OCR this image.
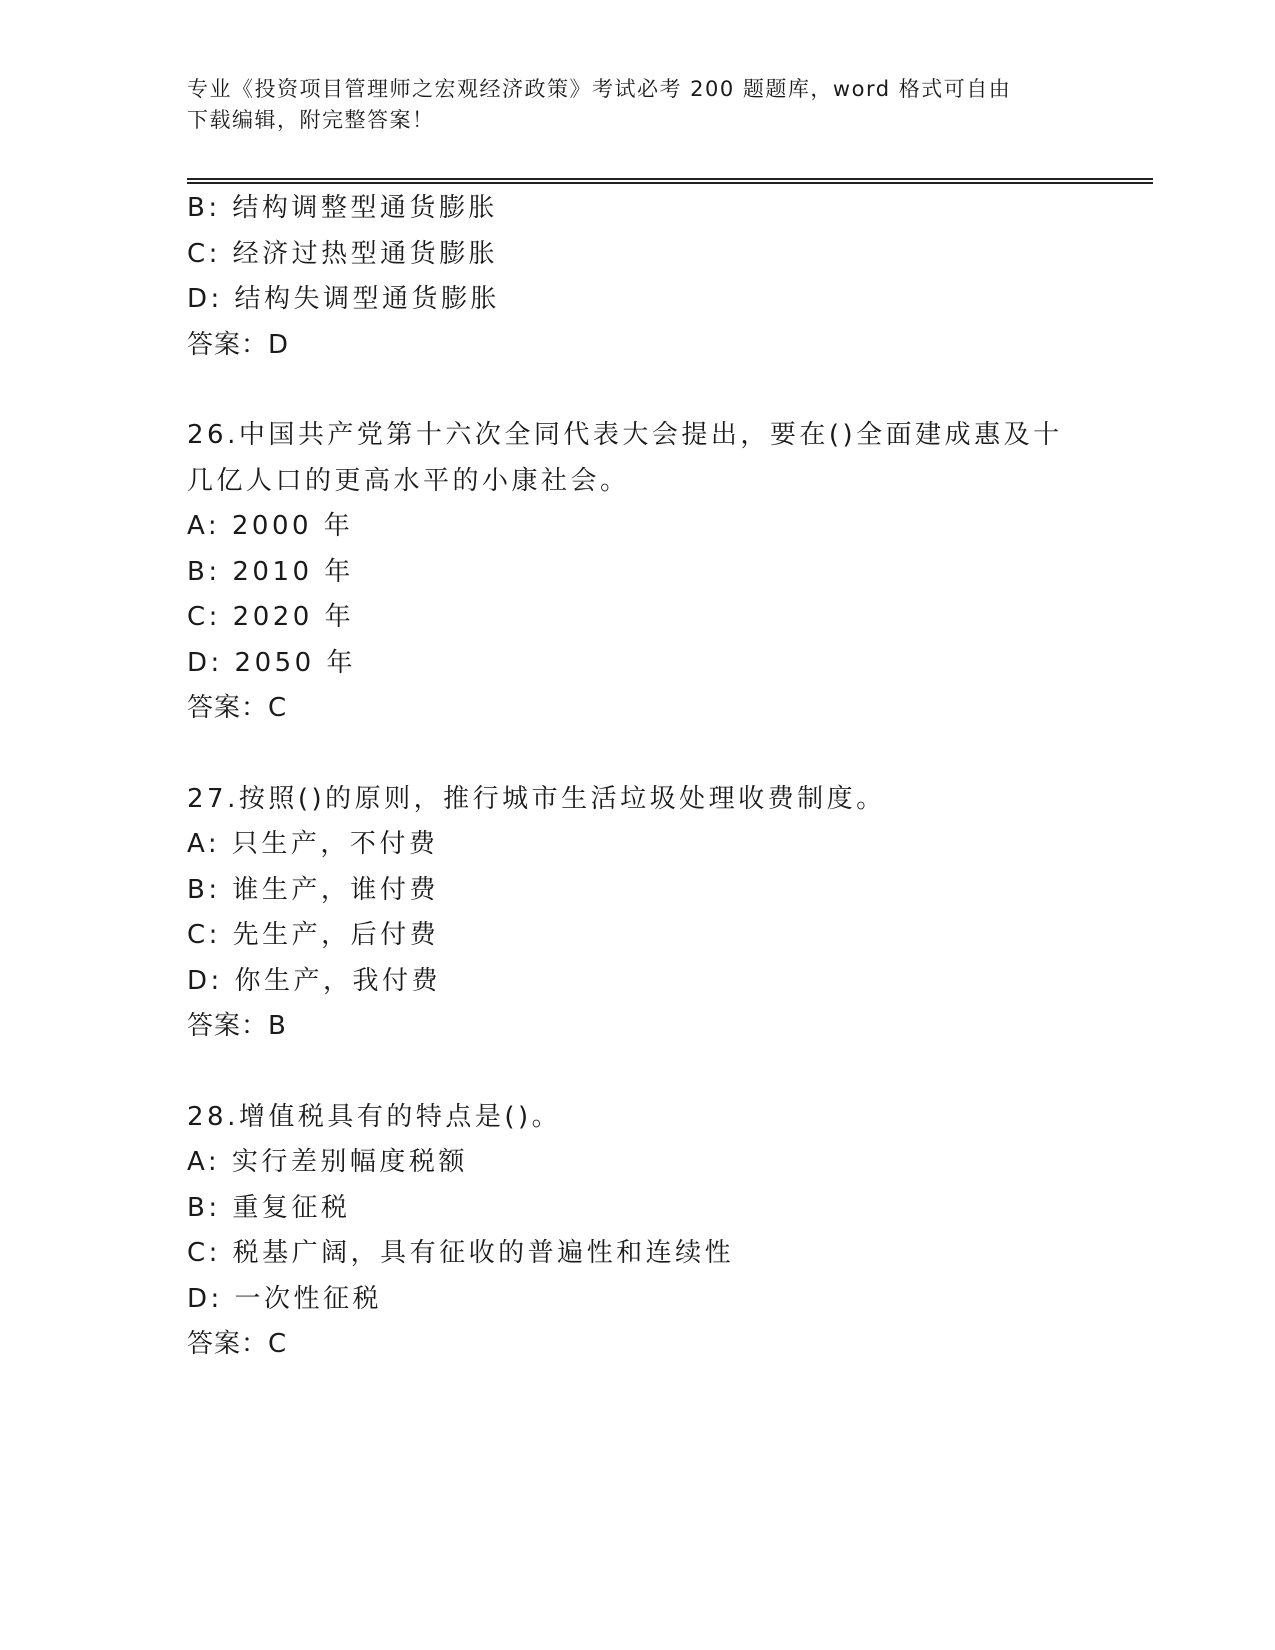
专业《投资项目管理师之宏观经济政策》考试必考 200 题题库，word 格式可自由
下载编辑，附完整答案！
B: 结构调整型通货膨胀
C: 经济过热型通货膨胀
D: 结构失调型通货膨胀
答案：D
26.中国共产党第十六次全同代表大会提出，要在()全面建成惠及十几亿人口的更高水平的小康社会。
A: 2000 年
B: 2010 年
C: 2020 年
D: 2050 年
答案：C
27.按照()的原则，推行城市生活垃圾处理收费制度。
A: 只生产，不付费
B: 谁生产，谁付费
C: 先生产，后付费
D: 你生产，我付费
答案：B
28.增值税具有的特点是()。
A: 实行差别幅度税额
B: 重复征税
C: 税基广阔，具有征收的普遍性和连续性
D: 一次性征税
答案：C
